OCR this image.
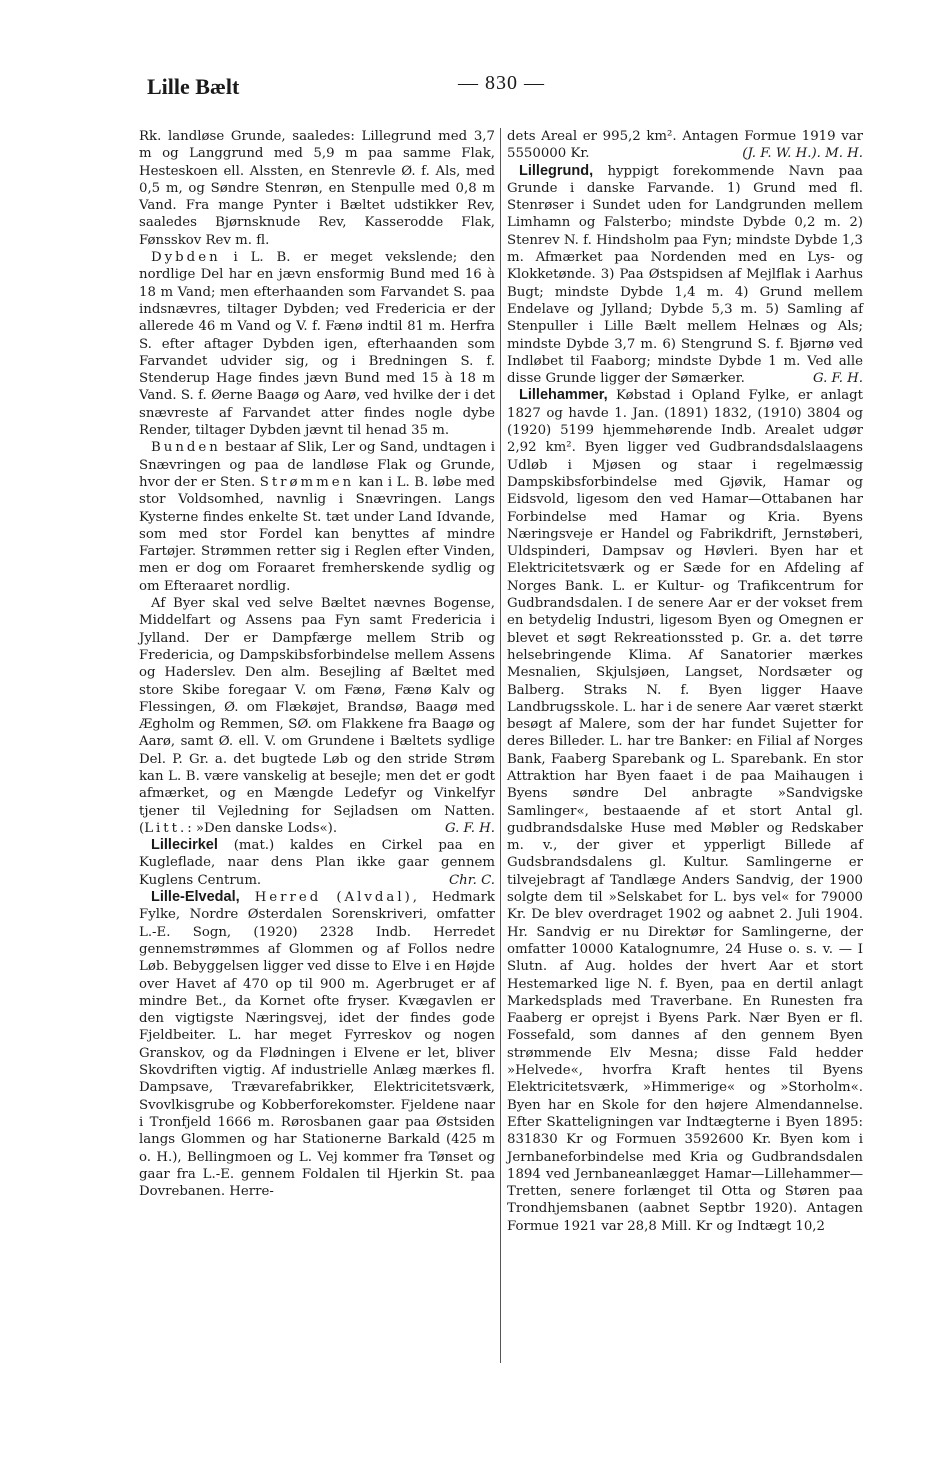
Lille Bælt	— 830 —

Rk. landløse Grunde, saaledes: Lillegrund med 3,7 m og Langgrund med 5,9 m paa samme Flak, Hesteskoen ell. Alssten, en Stenrevle Ø. f. Als, med 0,5 m, og Søndre Stenrøn, en Stenpulle med 0,8 m Vand. Fra mange Pynter i Bæltet udstikker Rev, saaledes Bjørnsknude Rev, Kasserodde Flak, Fønsskov Rev m. fl.

Dybden i L. B. er meget vekslende; den nordlige Del har en jævn ensformig Bund med 16 à 18 m Vand; men efterhaanden som Farvandet S. paa indsnævres, tiltager Dybden; ved Fredericia er der allerede 46 m Vand og V. f. Fænø indtil 81 m. Herfra S. efter aftager Dybden igen, efterhaanden som Farvandet udvider sig, og i Bredningen S. f. Stenderup Hage findes jævn Bund med 15 à 18 m Vand. S. f. Øerne Baagø og Aarø, ved hvilke der i det snævreste af Farvandet atter findes nogle dybe Render, tiltager Dybden jævnt til henad 35 m.

Bunden bestaar af Slik, Ler og Sand, undtagen i Snævringen og paa de landløse Flak og Grunde, hvor der er Sten. Strømmen kan i L. B. løbe med stor Voldsomhed, navnlig i Snævringen. Langs Kysterne findes enkelte St. tæt under Land Idvande, som med stor Fordel kan benyttes af mindre Fartøjer. Strømmen retter sig i Reglen efter Vinden, men er dog om Foraaret fremherskende sydlig og om Efteraaret nordlig.

Af Byer skal ved selve Bæltet nævnes Bogense, Middelfart og Assens paa Fyn samt Fredericia i Jylland. Der er Dampfærge mellem Strib og Fredericia, og Dampskibsforbindelse mellem Assens og Haderslev. Den alm. Besejling af Bæltet med store Skibe foregaar V. om Fænø, Fænø Kalv og Flessingen, Ø. om Flækøjet, Brandsø, Baagø med Ægholm og Remmen, SØ. om Flakkene fra Baagø og Aarø, samt Ø. ell. V. om Grundene i Bæltets sydlige Del. P. Gr. a. det bugtede Løb og den stride Strøm kan L. B. være vanskelig at besejle; men det er godt afmærket, og en Mængde Ledefyr og Vinkelfyr tjener til Vejledning for Sejladsen om Natten. (Litt.: »Den danske Lods«).	G. F. H.

Lillecirkel (mat.) kaldes en Cirkel paa en Kugleflade, naar dens Plan ikke gaar gennem Kuglens Centrum.	Chr. C.

Lille-Elvedal, Herred (Alvdal), Hedmark Fylke, Nordre Østerdalen Sorenskriveri, omfatter L.-E. Sogn, (1920) 2328 Indb. Herredet gennemstrømmes af Glommen og af Follos nedre Løb. Bebyggelsen ligger ved disse to Elve i en Højde over Havet af 470 op til 900 m. Agerbruget er af mindre Bet., da Kornet ofte fryser. Kvægavlen er den vigtigste Næringsvej, idet der findes gode Fjeldbeiter. L. har meget Fyrreskov og nogen Granskov, og da Flødningen i Elvene er let, bliver Skovdriften vigtig. Af industrielle Anlæg mærkes fl. Dampsave, Trævarefabrikker, Elektricitetsværk, Svovlkisgrube og Kobberforekomster. Fjeldene naar i Tronfjeld 1666 m. Rørosbanen gaar paa Østsiden langs Glommen og har Stationerne Barkald (425 m o. H.), Bellingmoen og L. Vej kommer fra Tønset og gaar fra L.-E. gennem Foldalen til Hjerkin St. paa Dovrebanen. Herre-

dets Areal er 995,2 km². Antagen Formue 1919 var 5550000 Kr.	(J. F. W. H.). M. H.

Lillegrund, hyppigt forekommende Navn paa Grunde i danske Farvande. 1) Grund med fl. Stenrøser i Sundet uden for Landgrunden mellem Limhamn og Falsterbo; mindste Dybde 0,2 m. 2) Stenrev N. f. Hindsholm paa Fyn; mindste Dybde 1,3 m. Afmærket paa Nordenden med en Lys- og Klokketønde. 3) Paa Østspidsen af Mejlflak i Aarhus Bugt; mindste Dybde 1,4 m. 4) Grund mellem Endelave og Jylland; Dybde 5,3 m. 5) Samling af Stenpuller i Lille Bælt mellem Helnæs og Als; mindste Dybde 3,7 m. 6) Stengrund S. f. Bjørnø ved Indløbet til Faaborg; mindste Dybde 1 m. Ved alle disse Grunde ligger der Sømærker.	G. F. H.

Lillehammer, Købstad i Opland Fylke, er anlagt 1827 og havde 1. Jan. (1891) 1832, (1910) 3804 og (1920) 5199 hjemmehørende Indb. Arealet udgør 2,92 km². Byen ligger ved Gudbrandsdalslaagens Udløb i Mjøsen og staar i regelmæssig Dampskibsforbindelse med Gjøvik, Hamar og Eidsvold, ligesom den ved Hamar—Ottabanen har Forbindelse med Hamar og Kria. Byens Næringsveje er Handel og Fabrikdrift, Jernstøberi, Uldspinderi, Dampsav og Høvleri. Byen har et Elektricitetsværk og er Sæde for en Afdeling af Norges Bank. L. er Kultur- og Trafikcentrum for Gudbrandsdalen. I de senere Aar er der vokset frem en betydelig Industri, ligesom Byen og Omegnen er blevet et søgt Rekreationssted p. Gr. a. det tørre helsebringende Klima. Af Sanatorier mærkes Mesnalien, Skjulsjøen, Langset, Nordsæter og Balberg. Straks N. f. Byen ligger Haave Landbrugsskole. L. har i de senere Aar været stærkt besøgt af Malere, som der har fundet Sujetter for deres Billeder. L. har tre Banker: en Filial af Norges Bank, Faaberg Sparebank og L. Sparebank. En stor Attraktion har Byen faaet i de paa Maihaugen i Byens søndre Del anbragte »Sandvigske Samlinger«, bestaaende af et stort Antal gl. gudbrandsdalske Huse med Møbler og Redskaber m. v., der giver et ypperligt Billede af Gudsbrandsdalens gl. Kultur. Samlingerne er tilvejebragt af Tandlæge Anders Sandvig, der 1900 solgte dem til »Selskabet for L. bys vel« for 79000 Kr. De blev overdraget 1902 og aabnet 2. Juli 1904. Hr. Sandvig er nu Direktør for Samlingerne, der omfatter 10000 Katalognumre, 24 Huse o. s. v. — I Slutn. af Aug. holdes der hvert Aar et stort Hestemarked lige N. f. Byen, paa en dertil anlagt Markedsplads med Traverbane. En Runesten fra Faaberg er oprejst i Byens Park. Nær Byen er fl. Fossefald, som dannes af den gennem Byen strømmende Elv Mesna; disse Fald hedder »Helvede«, hvorfra Kraft hentes til Byens Elektricitetsværk, »Himmerige« og »Storholm«. Byen har en Skole for den højere Almendannelse. Efter Skatteligningen var Indtægterne i Byen 1895: 831830 Kr og Formuen 3592600 Kr. Byen kom i Jernbaneforbindelse med Kria og Gudbrandsdalen 1894 ved Jernbaneanlægget Hamar—Lillehammer—Tretten, senere forlænget til Otta og Støren paa Trondhjemsbanen (aabnet Septbr 1920). Antagen Formue 1921 var 28,8 Mill. Kr og Indtægt 10,2
